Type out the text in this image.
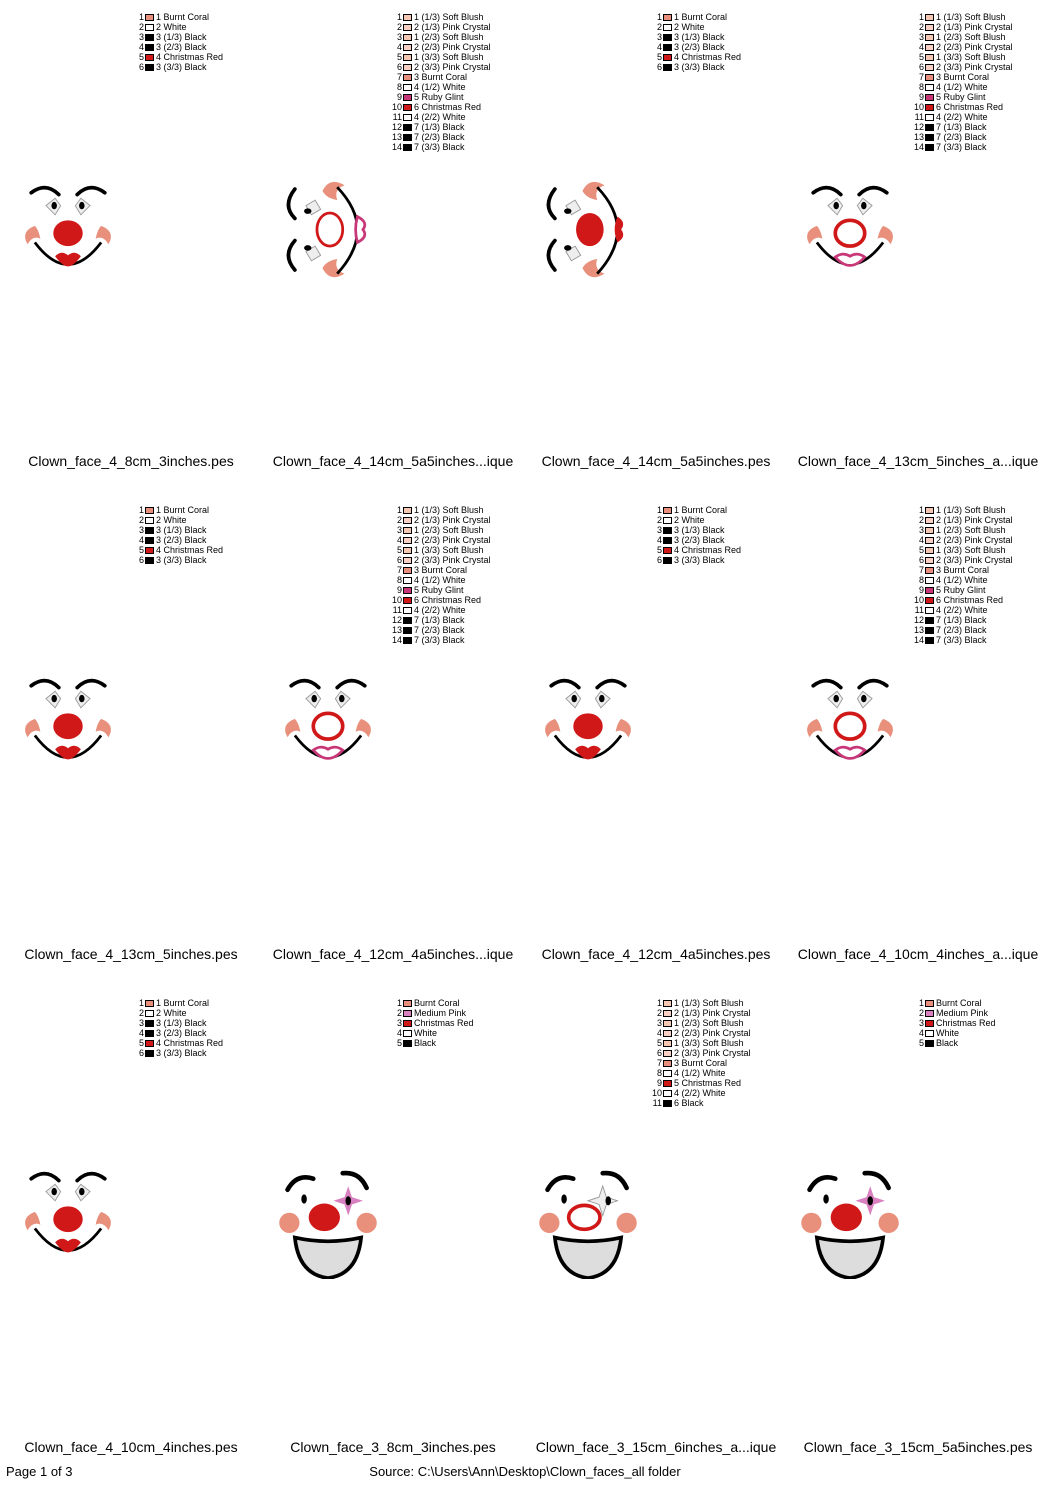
1 1 Burnt Coral
2 2 White
3 3 (1/3) Black
4 3 (2/3) Black
5 4 Christmas Red
6 3 (3/3) Black
Clown_face_4_8cm_3inches.pes
1 1 (1/3) Soft Blush
2 2 (1/3) Pink Crystal
3 1 (2/3) Soft Blush
4 2 (2/3) Pink Crystal
5 1 (3/3) Soft Blush
6 2 (3/3) Pink Crystal
7 3 Burnt Coral
8 4 (1/2) White
9 5 Ruby Glint
10 6 Christmas Red
11 4 (2/2) White
12 7 (1/3) Black
13 7 (2/3) Black
14 7 (3/3) Black
Clown_face_4_14cm_5a5inches...ique
1 1 Burnt Coral
2 2 White
3 3 (1/3) Black
4 3 (2/3) Black
5 4 Christmas Red
6 3 (3/3) Black
Clown_face_4_14cm_5a5inches.pes
1 1 (1/3) Soft Blush
2 2 (1/3) Pink Crystal
3 1 (2/3) Soft Blush
4 2 (2/3) Pink Crystal
5 1 (3/3) Soft Blush
6 2 (3/3) Pink Crystal
7 3 Burnt Coral
8 4 (1/2) White
9 5 Ruby Glint
10 6 Christmas Red
11 4 (2/2) White
12 7 (1/3) Black
13 7 (2/3) Black
14 7 (3/3) Black
Clown_face_4_13cm_5inches_a...ique
1 1 Burnt Coral
2 2 White
3 3 (1/3) Black
4 3 (2/3) Black
5 4 Christmas Red
6 3 (3/3) Black
Clown_face_4_13cm_5inches.pes
1 1 (1/3) Soft Blush
2 2 (1/3) Pink Crystal
3 1 (2/3) Soft Blush
4 2 (2/3) Pink Crystal
5 1 (3/3) Soft Blush
6 2 (3/3) Pink Crystal
7 3 Burnt Coral
8 4 (1/2) White
9 5 Ruby Glint
10 6 Christmas Red
11 4 (2/2) White
12 7 (1/3) Black
13 7 (2/3) Black
14 7 (3/3) Black
Clown_face_4_12cm_4a5inches...ique
1 1 Burnt Coral
2 2 White
3 3 (1/3) Black
4 3 (2/3) Black
5 4 Christmas Red
6 3 (3/3) Black
Clown_face_4_12cm_4a5inches.pes
1 1 (1/3) Soft Blush
2 2 (1/3) Pink Crystal
3 1 (2/3) Soft Blush
4 2 (2/3) Pink Crystal
5 1 (3/3) Soft Blush
6 2 (3/3) Pink Crystal
7 3 Burnt Coral
8 4 (1/2) White
9 5 Ruby Glint
10 6 Christmas Red
11 4 (2/2) White
12 7 (1/3) Black
13 7 (2/3) Black
14 7 (3/3) Black
Clown_face_4_10cm_4inches_a...ique
1 1 Burnt Coral
2 2 White
3 3 (1/3) Black
4 3 (2/3) Black
5 4 Christmas Red
6 3 (3/3) Black
Clown_face_4_10cm_4inches.pes
1 Burnt Coral
2 Medium Pink
3 Christmas Red
4 White
5 Black
Clown_face_3_8cm_3inches.pes
1 1 (1/3) Soft Blush
2 2 (1/3) Pink Crystal
3 1 (2/3) Soft Blush
4 2 (2/3) Pink Crystal
5 1 (3/3) Soft Blush
6 2 (3/3) Pink Crystal
7 3 Burnt Coral
8 4 (1/2) White
9 5 Christmas Red
10 4 (2/2) White
11 6 Black
Clown_face_3_15cm_6inches_a...ique
1 Burnt Coral
2 Medium Pink
3 Christmas Red
4 White
5 Black
Clown_face_3_15cm_5a5inches.pes
Page 1 of 3	Source: C:\Users\Ann\Desktop\Clown_faces_all folder
